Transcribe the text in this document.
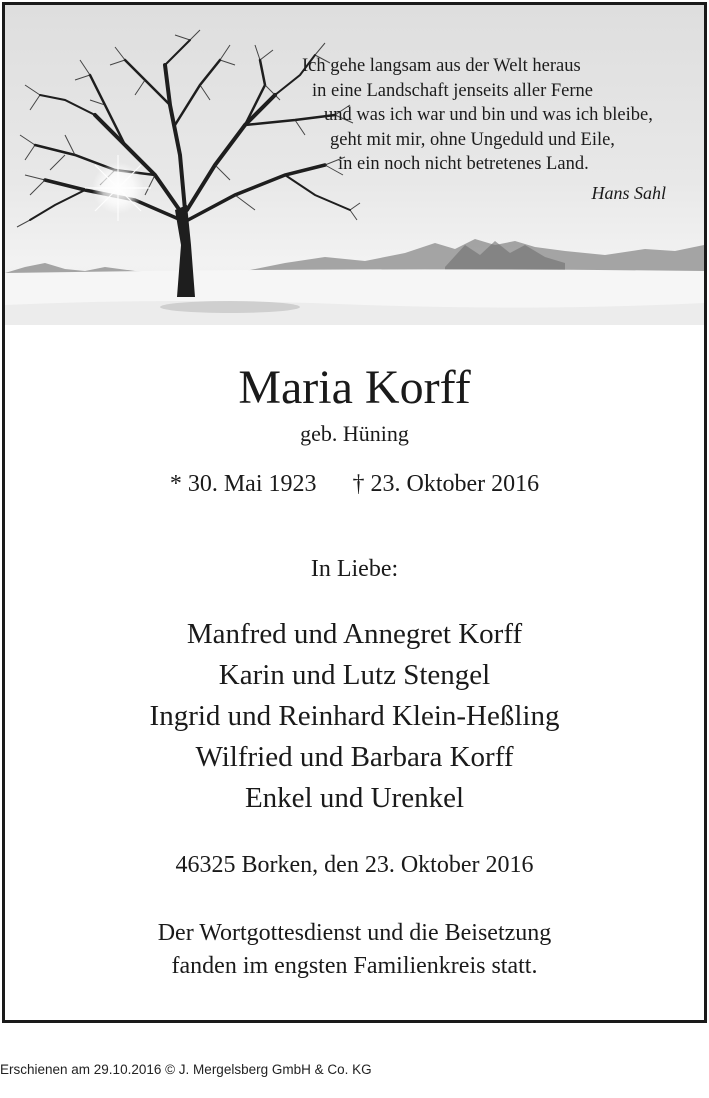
Ich gehe langsam aus der Welt heraus
in eine Landschaft jenseits aller Ferne
und was ich war und bin und was ich bleibe,
geht mit mir, ohne Ungeduld und Eile,
in ein noch nicht betretenes Land.
Hans Sahl
Maria Korff
geb. Hüning
* 30. Mai 1923 † 23. Oktober 2016
In Liebe:
Manfred und Annegret Korff
Karin und Lutz Stengel
Ingrid und Reinhard Klein-Heßling
Wilfried und Barbara Korff
Enkel und Urenkel
46325 Borken, den 23. Oktober 2016
Der Wortgottesdienst und die Beisetzung
fanden im engsten Familienkreis statt.
Erschienen am 29.10.2016 © J. Mergelsberg GmbH & Co. KG
